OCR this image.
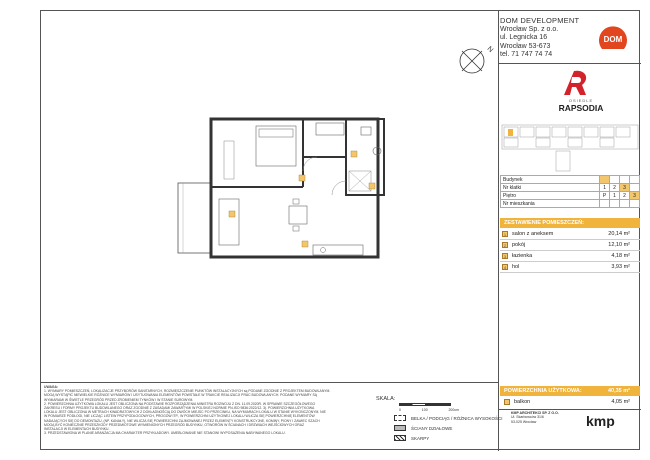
DOM DEVELOPMENT
Wrocław Sp. z o.o.
ul. Legnicka 16
Wrocław 53-673
tel. 71 747 74 74
DOM
N
OSIEDLE
RAPSODIA
Budynek				
Nr klatki	1	2	3	
Piętro	P	1	2	3
Nr mieszkania				
ZESTAWIENIE POMIESZCZEŃ:
1	salon z aneksem	20,14 m²
2	pokój	12,10 m²
3	łazienka	4,18 m²
4	hol	3,93 m²
POWIERZCHNIA UŻYTKOWA:	40,35 m²
balkon	4,05 m²
UWAGA:
1. WYMIARY POMIESZCZEŃ, LOKALIZACJE PRZYBORÓW SANITARNYCH, ROZMIESZCZENIE PUNKTÓW INSTALACYJNYCH są PODANE ZGODNIE Z PROJEKTEM BUDOWLANYM.
MOGĄ WYSTĄPIĆ NIEWIELKIE RÓŻNICE WYMIARÓW I USYTUOWANIA ELEMENTÓW POWSTAŁE W TRAKCIE REALIZACJI PRAC BUDOWLANYCH. PODANE WYMIARY SĄ
WYMIARAMI W ŚWIETLE PRZEGRÓD PRZED ZROBIENIEM TYNKÓW I W STANIE SUROWYM.
2. POWIERZCHNIA UŻYTKOWA LOKALU JEST OBLICZONA NA PODSTAWIE ROZPORZĄDZENIA MINISTRA ROZWOJU Z DN. 11.09.2020R. W SPRAWIE SZCZEGÓŁOWEGO
ZAKRESU I FORMY PROJEKTU BUDOWLANEGO ORAZ ZGODNIE Z ZASADAMI ZAWARTYMI W POLSKIEJ NORMIE PN-ISO 9836:2022/12. 3). POWIERZCHNIA UŻYTKOWA
LOKALU JEST OBLICZONA W METRACH KWADRATOWYCH Z DOKŁADNOŚCIĄ DO DWÓCH MIEJSC PO PRZECINKU, NA WYMIARACH LOKALU W STANIE WYKOŃCZONYM. NIE
W POMIARZE PODŁOGI, NIE LICZĄC LISTEW PRZYPODŁOGOWYCH, PROGÓW ITP., W POWIERZCHNI UŻYTKOWEJ LOKALU WLICZA SIĘ POWIERZCHNIĘ ELEMENTÓW
NADAJĄCYCH SIĘ DO DEMONTAŻU, (NP. KANAŁY), NIE WLICZA SIĘ POWIERZCHNI ZAJMOWANEJ PRZEZ ELEMENTY KONSTRUKCYJNE, KOMINY, PIONY I ZAWIEC SZACH
MOGĄ BYĆ KONIECZNIE PRZESZKODY PRZEDMIOTOWE WYMIENIONYCH PRZEGRÓD BUDYNKU, OTWORÓW W ŚCIANACH I DRZWIACH WEJŚCIOWYCH ORAZ
INSTALACJI W ELEMENTACH BUDYNKU.
3. PRZEDSTAWIONA W PLANIE ARANŻACJA MA CHARAKTER PRZYKŁADOWY. UMEBLOWANIE NIE STANOWI WYPOSAŻENIA NABYWANEGO LOKALU.
SKALA:
0	100	200cm
BELKA / PODCIĄG / RÓŻNICA WYSOKOŚCI
ŚCIANY DZIAŁOWE
SKARPY
KMP ARCHITEKCI SP. Z O.O.
Ul. Skarbowców 31/6
53-025 Wrocław	kmp
